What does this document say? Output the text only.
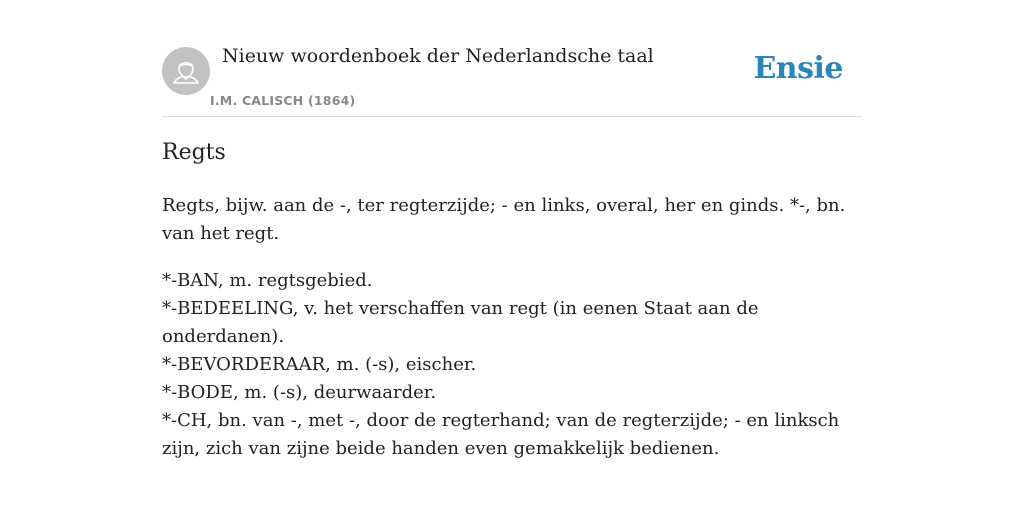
Nieuw woordenboek der Nederlandsche taal
I.M. CALISCH (1864)
Ensie
Regts

Regts, bijw. aan de -, ter regterzijde; - en links, overal, her en ginds. *-, bn. van het regt.

*-BAN, m. regtsgebied.
*-BEDEELING, v. het verschaffen van regt (in eenen Staat aan de onderdanen).
*-BEVORDERAAR, m. (-s), eischer.
*-BODE, m. (-s), deurwaarder.
*-CH, bn. van -, met -, door de regterhand; van de regterzijde; - en linksch zijn, zich van zijne beide handen even gemakkelijk bedienen.
